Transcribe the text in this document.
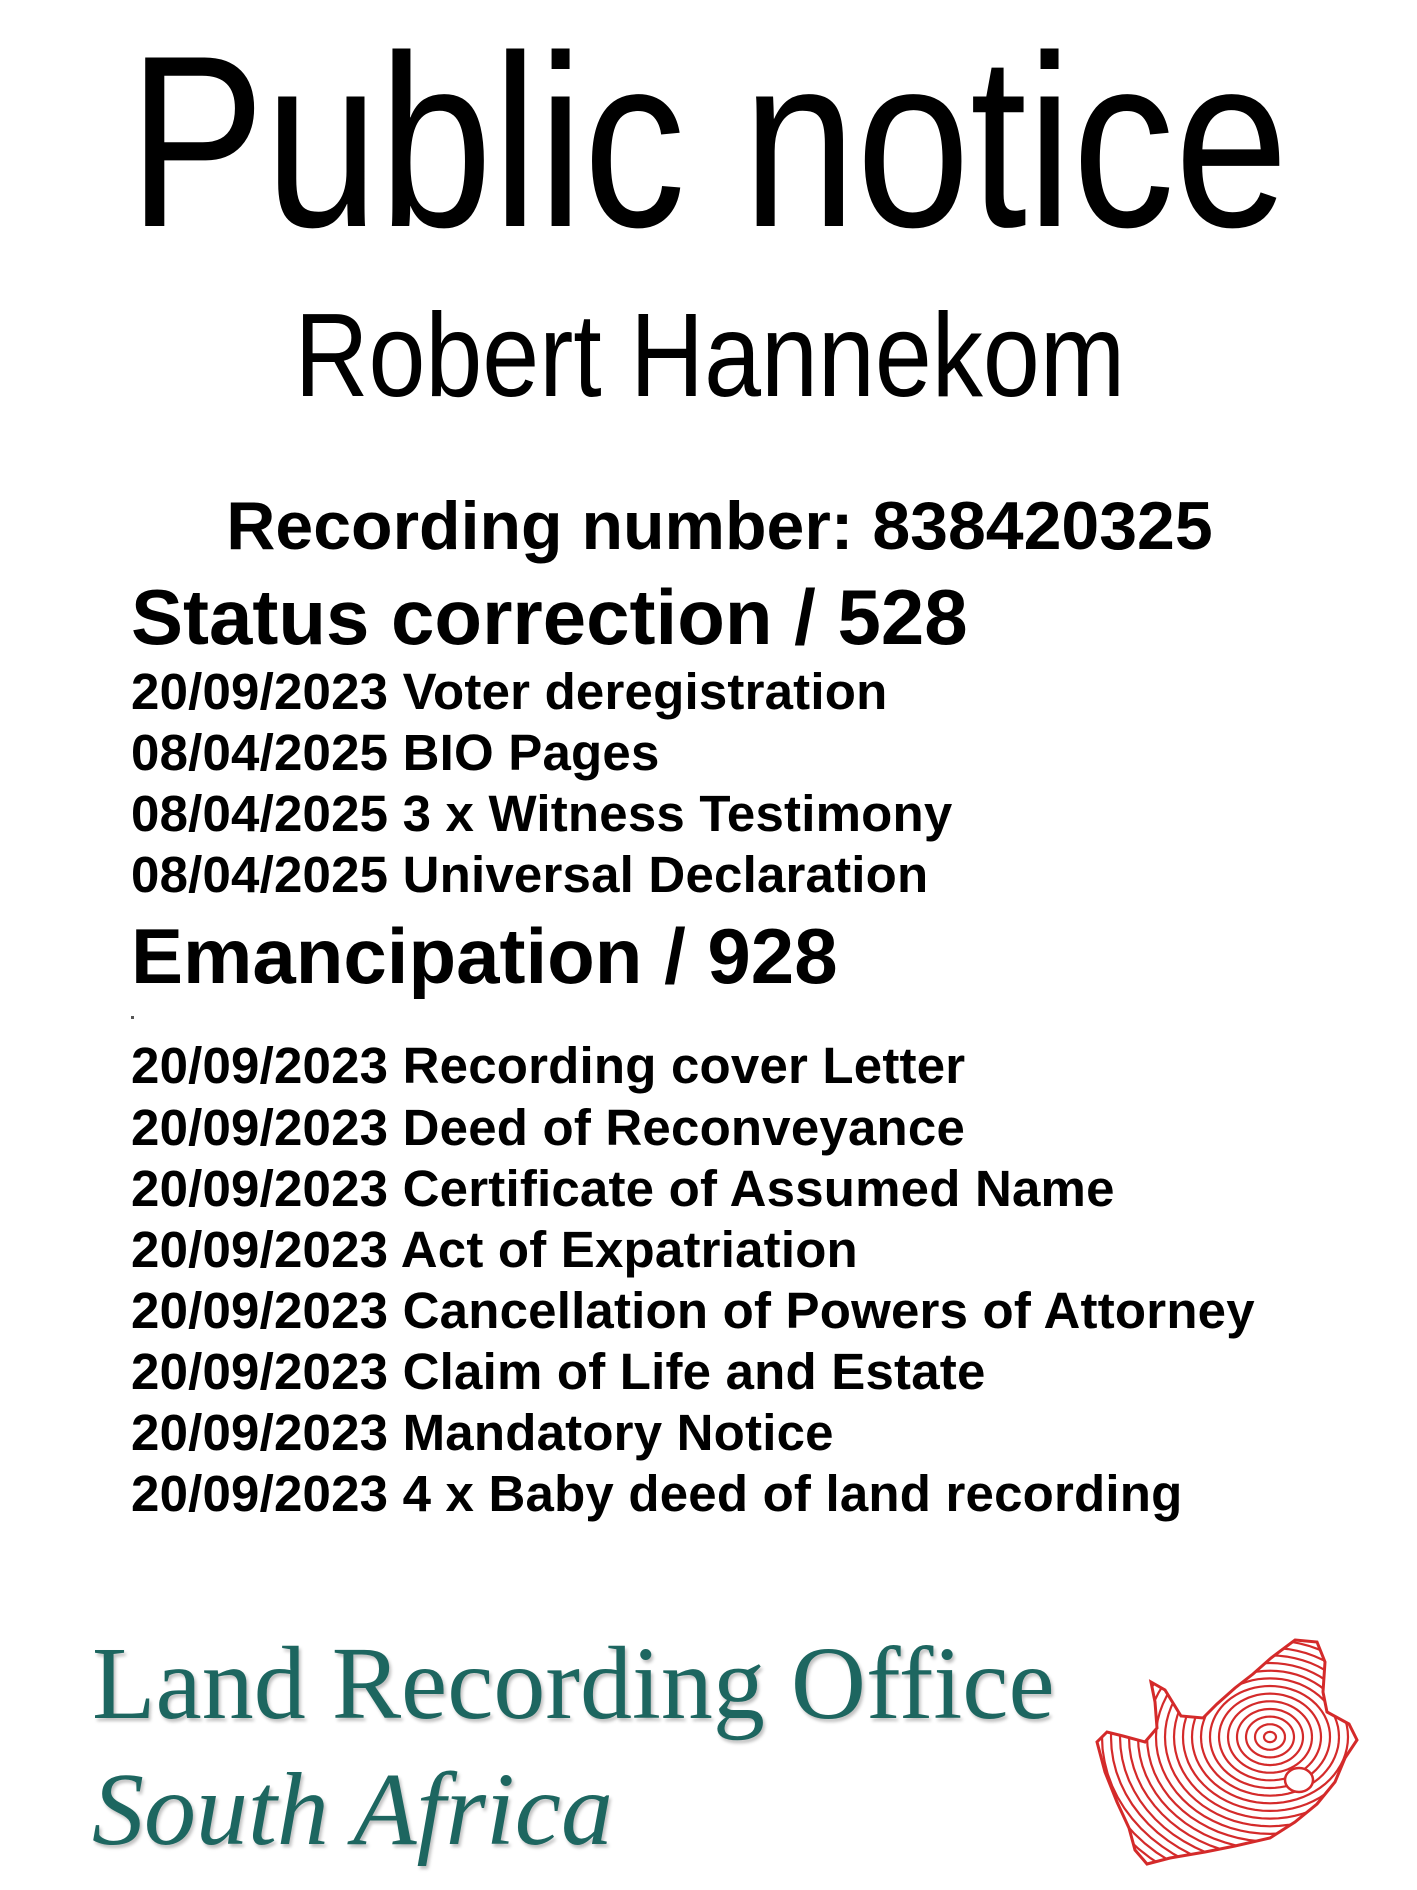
Public notice
Robert Hannekom
Recording number: 838420325
Status correction / 528
20/09/2023 Voter deregistration
08/04/2025 BIO Pages
08/04/2025 3 x Witness Testimony
08/04/2025 Universal Declaration
Emancipation / 928
20/09/2023 Recording cover Letter
20/09/2023 Deed of Reconveyance
20/09/2023 Certificate of Assumed Name
20/09/2023 Act of Expatriation
20/09/2023 Cancellation of Powers of Attorney
20/09/2023 Claim of Life and Estate
20/09/2023 Mandatory Notice
20/09/2023 4 x Baby deed of land recording
Land Recording Office
South Africa
